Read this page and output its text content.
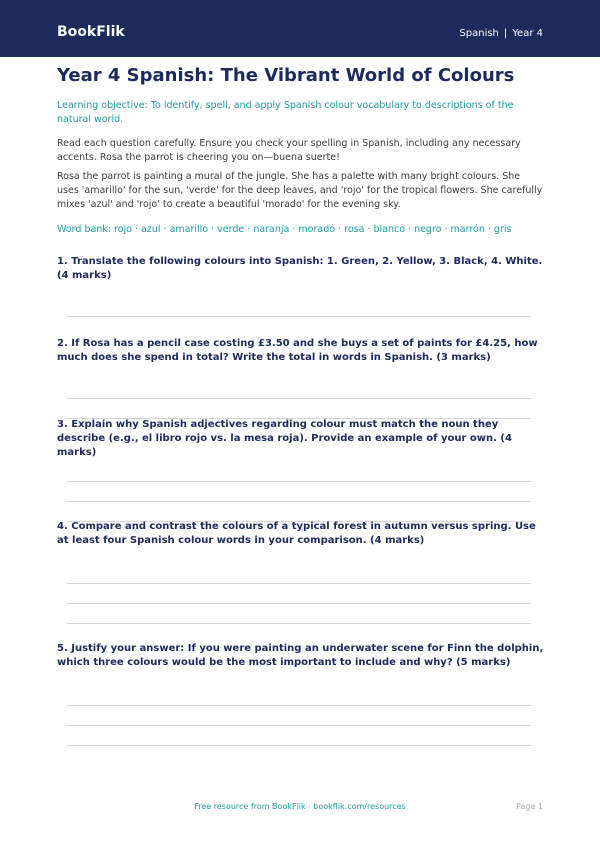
BookFlik	Spanish | Year 4
Year 4 Spanish: The Vibrant World of Colours

Learning objective: To identify, spell, and apply Spanish colour vocabulary to descriptions of the natural world.

Read each question carefully. Ensure you check your spelling in Spanish, including any necessary accents. Rosa the parrot is cheering you on—buena suerte!

Rosa the parrot is painting a mural of the jungle. She has a palette with many bright colours. She uses 'amarillo' for the sun, 'verde' for the deep leaves, and 'rojo' for the tropical flowers. She carefully mixes 'azul' and 'rojo' to create a beautiful 'morado' for the evening sky.

Word bank: rojo · azul · amarillo · verde · naranja · morado · rosa · blanco · negro · marrón · gris

1. Translate the following colours into Spanish: 1. Green, 2. Yellow, 3. Black, 4. White. (4 marks)

2. If Rosa has a pencil case costing £3.50 and she buys a set of paints for £4.25, how much does she spend in total? Write the total in words in Spanish. (3 marks)

3. Explain why Spanish adjectives regarding colour must match the noun they describe (e.g., el libro rojo vs. la mesa roja). Provide an example of your own. (4 marks)

4. Compare and contrast the colours of a typical forest in autumn versus spring. Use at least four Spanish colour words in your comparison. (4 marks)

5. Justify your answer: If you were painting an underwater scene for Finn the dolphin, which three colours would be the most important to include and why? (5 marks)

Free resource from BookFlik · bookflik.com/resources	Page 1
